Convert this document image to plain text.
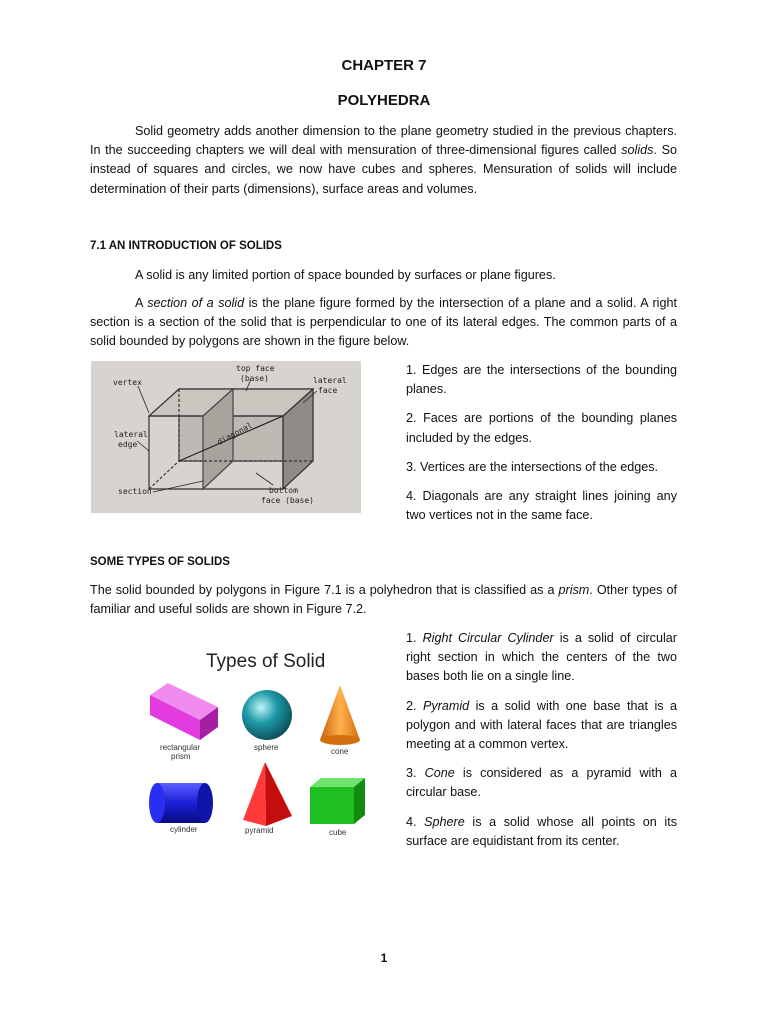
CHAPTER 7
POLYHEDRA
Solid geometry adds another dimension to the plane geometry studied in the previous chapters. In the succeeding chapters we will deal with mensuration of three-dimensional figures called solids. So instead of squares and circles, we now have cubes and spheres. Mensuration of solids will include determination of their parts (dimensions), surface areas and volumes.
7.1 AN INTRODUCTION OF SOLIDS
A solid is any limited portion of space bounded by surfaces or plane figures.
A section of a solid is the plane figure formed by the intersection of a plane and a solid. A right section is a section of the solid that is perpendicular to one of its lateral edges. The common parts of a solid bounded by polygons are shown in the figure below.
vertex
top face
(base)	lateral
face
lateral
edge	diagonal
section	bottom
face (base)

1. Edges are the intersections of the bounding planes.

2. Faces are portions of the bounding planes included by the edges.

3. Vertices are the intersections of the edges.

4. Diagonals are any straight lines joining any two vertices not in the same face.

SOME TYPES OF SOLIDS
The solid bounded by polygons in Figure 7.1 is a polyhedron that is classified as a prism. Other types of familiar and useful solids are shown in Figure 7.2.
Types of Solid
rectangular
prism
sphere	cone
cylinder	pyramid	cube

1. Right Circular Cylinder is a solid of circular right section in which the centers of the two bases both lie on a single line.

2. Pyramid is a solid with one base that is a polygon and with lateral faces that are triangles meeting at a common vertex.

3. Cone is considered as a pyramid with a circular base.

4. Sphere is a solid whose all points on its surface are equidistant from its center.

1
